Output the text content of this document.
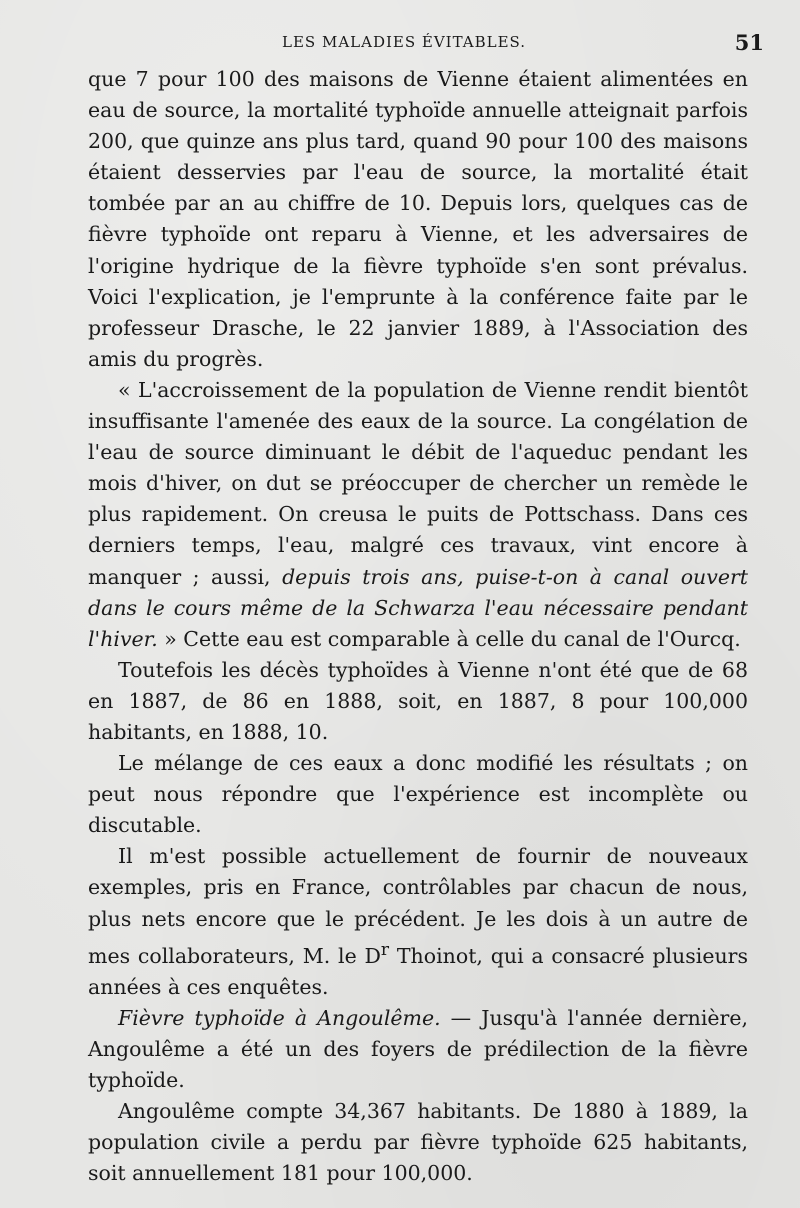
LES MALADIES ÉVITABLES.	51

que 7 pour 100 des maisons de Vienne étaient alimentées en eau de source, la mortalité typhoïde annuelle atteignait parfois 200, que quinze ans plus tard, quand 90 pour 100 des maisons étaient desservies par l'eau de source, la mortalité était tombée par an au chiffre de 10. Depuis lors, quelques cas de fièvre typhoïde ont reparu à Vienne, et les adversaires de l'origine hydrique de la fièvre typhoïde s'en sont prévalus. Voici l'explication, je l'emprunte à la conférence faite par le professeur Drasche, le 22 janvier 1889, à l'Association des amis du progrès.

« L'accroissement de la population de Vienne rendit bientôt insuffisante l'amenée des eaux de la source. La congélation de l'eau de source diminuant le débit de l'aqueduc pendant les mois d'hiver, on dut se préoccuper de chercher un remède le plus rapidement. On creusa le puits de Pottschass. Dans ces derniers temps, l'eau, malgré ces travaux, vint encore à manquer ; aussi, depuis trois ans, puise-t-on à canal ouvert dans le cours même de la Schwarza l'eau nécessaire pendant l'hiver. » Cette eau est comparable à celle du canal de l'Ourcq.

Toutefois les décès typhoïdes à Vienne n'ont été que de 68 en 1887, de 86 en 1888, soit, en 1887, 8 pour 100,000 habitants, en 1888, 10.

Le mélange de ces eaux a donc modifié les résultats ; on peut nous répondre que l'expérience est incomplète ou discutable.

Il m'est possible actuellement de fournir de nouveaux exemples, pris en France, contrôlables par chacun de nous, plus nets encore que le précédent. Je les dois à un autre de mes collaborateurs, M. le $D^r$ Thoinot, qui a consacré plusieurs années à ces enquêtes.

Fièvre typhoïde à Angoulême. — Jusqu'à l'année dernière, Angoulême a été un des foyers de prédilection de la fièvre typhoïde.

Angoulême compte 34,367 habitants. De 1880 à 1889, la population civile a perdu par fièvre typhoïde 625 habitants, soit annuellement 181 pour 100,000.
